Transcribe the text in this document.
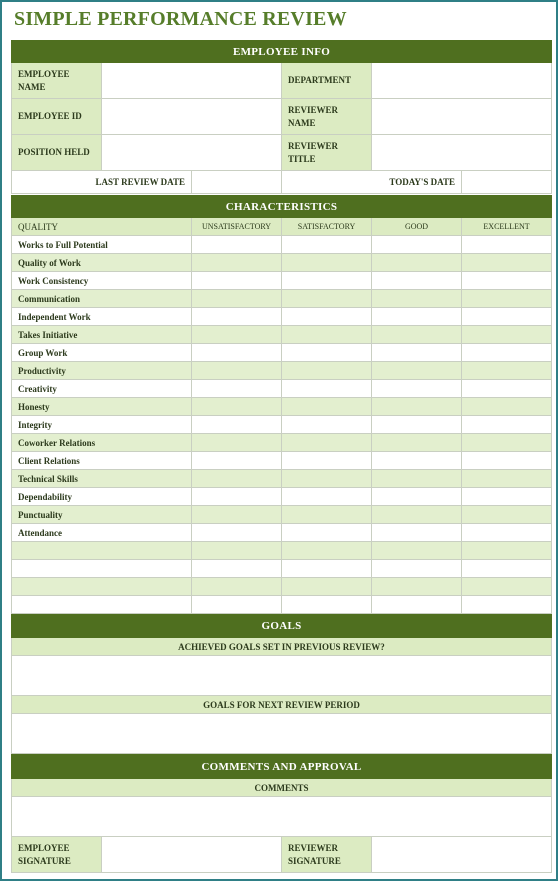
SIMPLE PERFORMANCE REVIEW
EMPLOYEE INFO			
EMPLOYEE NAME		DEPARTMENT	
EMPLOYEE ID		REVIEWER NAME	
POSITION HELD		REVIEWER TITLE	
LAST REVIEW DATE		TODAY'S DATE	
CHARACTERISTICS				
QUALITY	UNSATISFACTORY	SATISFACTORY	GOOD	EXCELLENT
Works to Full Potential				
Quality of Work				
Work Consistency				
Communication				
Independent Work				
Takes Initiative				
Group Work				
Productivity				
Creativity				
Honesty				
Integrity				
Coworker Relations				
Client Relations				
Technical Skills				
Dependability				
Punctuality				
Attendance				

GOALS
ACHIEVED GOALS SET IN PREVIOUS REVIEW?

GOALS FOR NEXT REVIEW PERIOD

COMMENTS AND APPROVAL
COMMENTS

EMPLOYEE SIGNATURE		REVIEWER SIGNATURE	
